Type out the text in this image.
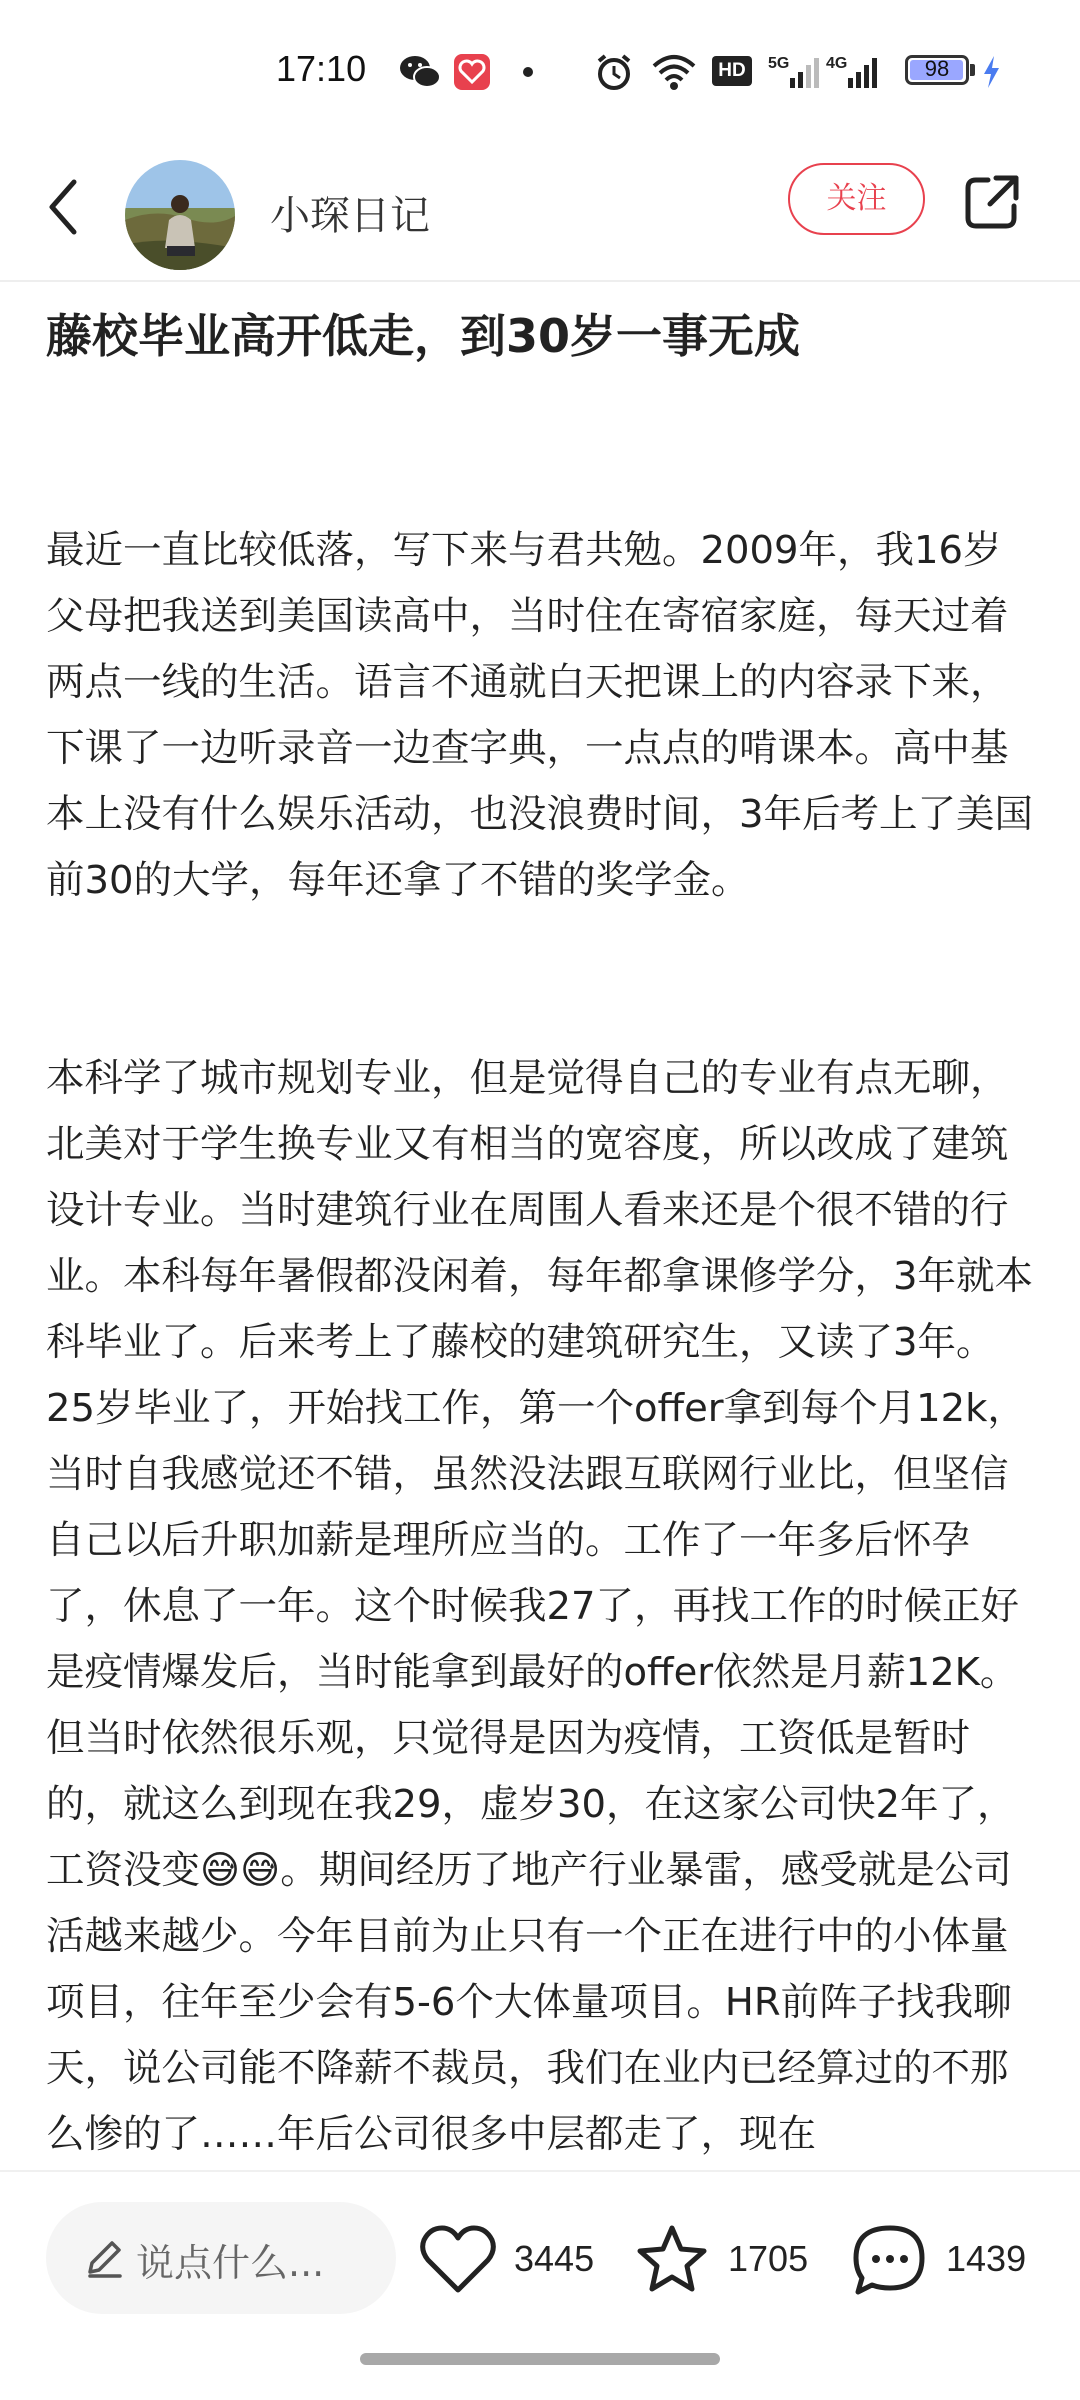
17:10	HD	5G 4G	98
小琛日记	关注
藤校毕业高开低走，到30岁一事无成

最近一直比较低落，写下来与君共勉。2009年，我16岁父母把我送到美国读高中，当时住在寄宿家庭，每天过着两点一线的生活。语言不通就白天把课上的内容录下来，下课了一边听录音一边查字典，一点点的啃课本。高中基本上没有什么娱乐活动，也没浪费时间，3年后考上了美国前30的大学，每年还拿了不错的奖学金。

本科学了城市规划专业，但是觉得自己的专业有点无聊，北美对于学生换专业又有相当的宽容度，所以改成了建筑设计专业。当时建筑行业在周围人看来还是个很不错的行业。本科每年暑假都没闲着，每年都拿课修学分，3年就本科毕业了。后来考上了藤校的建筑研究生，又读了3年。25岁毕业了，开始找工作，第一个offer拿到每个月12k，当时自我感觉还不错，虽然没法跟互联网行业比，但坚信自己以后升职加薪是理所应当的。工作了一年多后怀孕了，休息了一年。这个时候我27了，再找工作的时候正好是疫情爆发后，当时能拿到最好的offer依然是月薪12K。但当时依然很乐观，只觉得是因为疫情，工资低是暂时的，就这么到现在我29，虚岁30，在这家公司快2年了，工资没变😅😅。期间经历了地产行业暴雷，感受就是公司活越来越少。今年目前为止只有一个正在进行中的小体量项目，往年至少会有5-6个大体量项目。HR前阵子找我聊天，说公司能不降薪不裁员，我们在业内已经算过的不那么惨的了……年后公司很多中层都走了，现在

说点什么...	3445	1705	1439
